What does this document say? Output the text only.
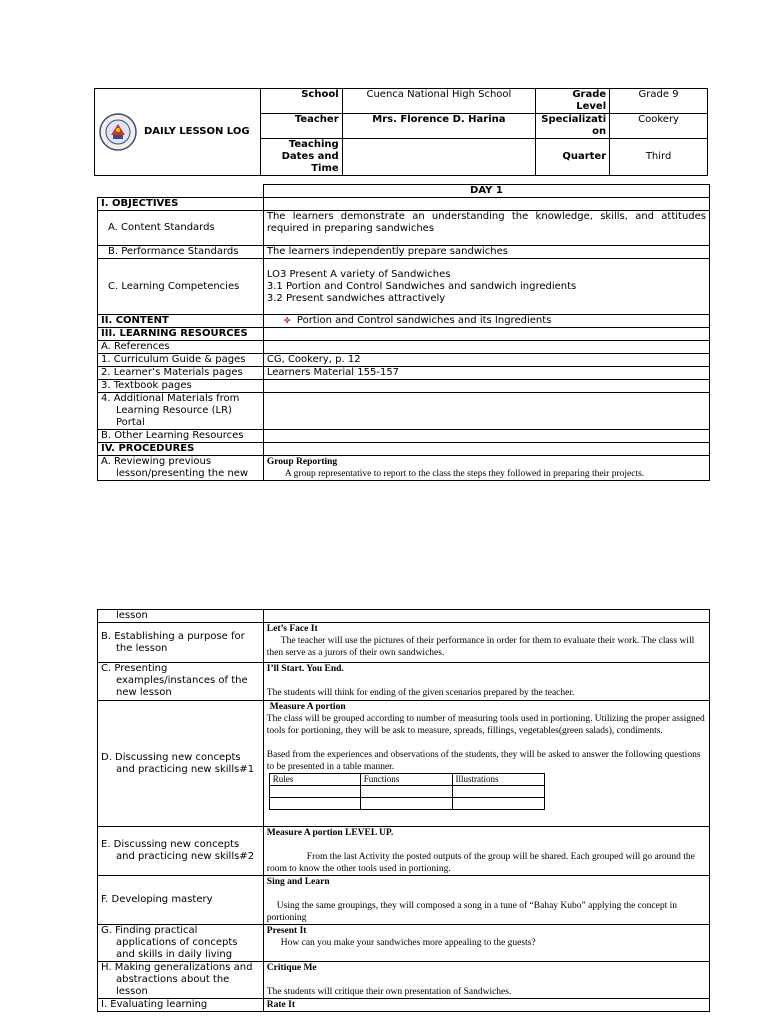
DAILY LESSON LOG	School	Cuenca National High School	Grade Level	Grade 9
	Teacher	Mrs. Florence D. Harina	Specializati
on	Cookery
	Teaching
Dates and
Time		Quarter	Third
	DAY 1
I. OBJECTIVES	
A. Content Standards	The learners demonstrate an understanding the knowledge, skills, and attitudes required in preparing sandwiches
B. Performance Standards	The learners independently prepare sandwiches
C. Learning Competencies	LO3 Present A variety of Sandwiches
3.1 Portion and Control Sandwiches and sandwich ingredients
3.2 Present sandwiches attractively
II. CONTENT	✤ Portion and Control sandwiches and its Ingredients
III. LEARNING RESOURCES	
A. References	
1. Curriculum Guide & pages	CG, Cookery, p. 12
2. Learner’s Materials pages	Learners Material 155-157
3. Textbook pages	
4. Additional Materials from
Learning Resource (LR)
Portal	
B. Other Learning Resources	
IV. PROCEDURES	
A. Reviewing previous
lesson/presenting the new	Group Reporting
A group representative to report to the class the steps they followed in preparing their projects.
lesson	
B. Establishing a purpose for
the lesson	Let’s Face It
The teacher will use the pictures of their performance in order for them to evaluate their work. The class will then serve as a jurors of their own sandwiches.
C. Presenting
examples/instances of the
new lesson	I’ll Start. You End.

The students will think for ending of the given scenarios prepared by the teacher.
D. Discussing new concepts
and practicing new skills#1	Measure A portion
The class will be grouped according to number of measuring tools used in portioning. Utilizing the proper assigned tools for portioning, they will be ask to measure, spreads, fillings, vegetables(green salads), condiments.

Based from the experiences and observations of the students, they will be asked to answer the following questions to be presented in a table manner.
Rules	Functions	Illustrations

E. Discussing new concepts
and practicing new skills#2	Measure A portion LEVEL UP.

From the last Activity the posted outputs of the group will be shared. Each grouped will go around the room to know the other tools used in portioning.
F. Developing mastery	Sing and Learn

Using the same groupings, they will composed a song in a tune of “Bahay Kubo” applying the concept in portioning
G. Finding practical
applications of concepts
and skills in daily living	Present It
How can you make your sandwiches more appealing to the guests?
H. Making generalizations and
abstractions about the
lesson	Critique Me

The students will critique their own presentation of Sandwiches.
I. Evaluating learning	Rate It
